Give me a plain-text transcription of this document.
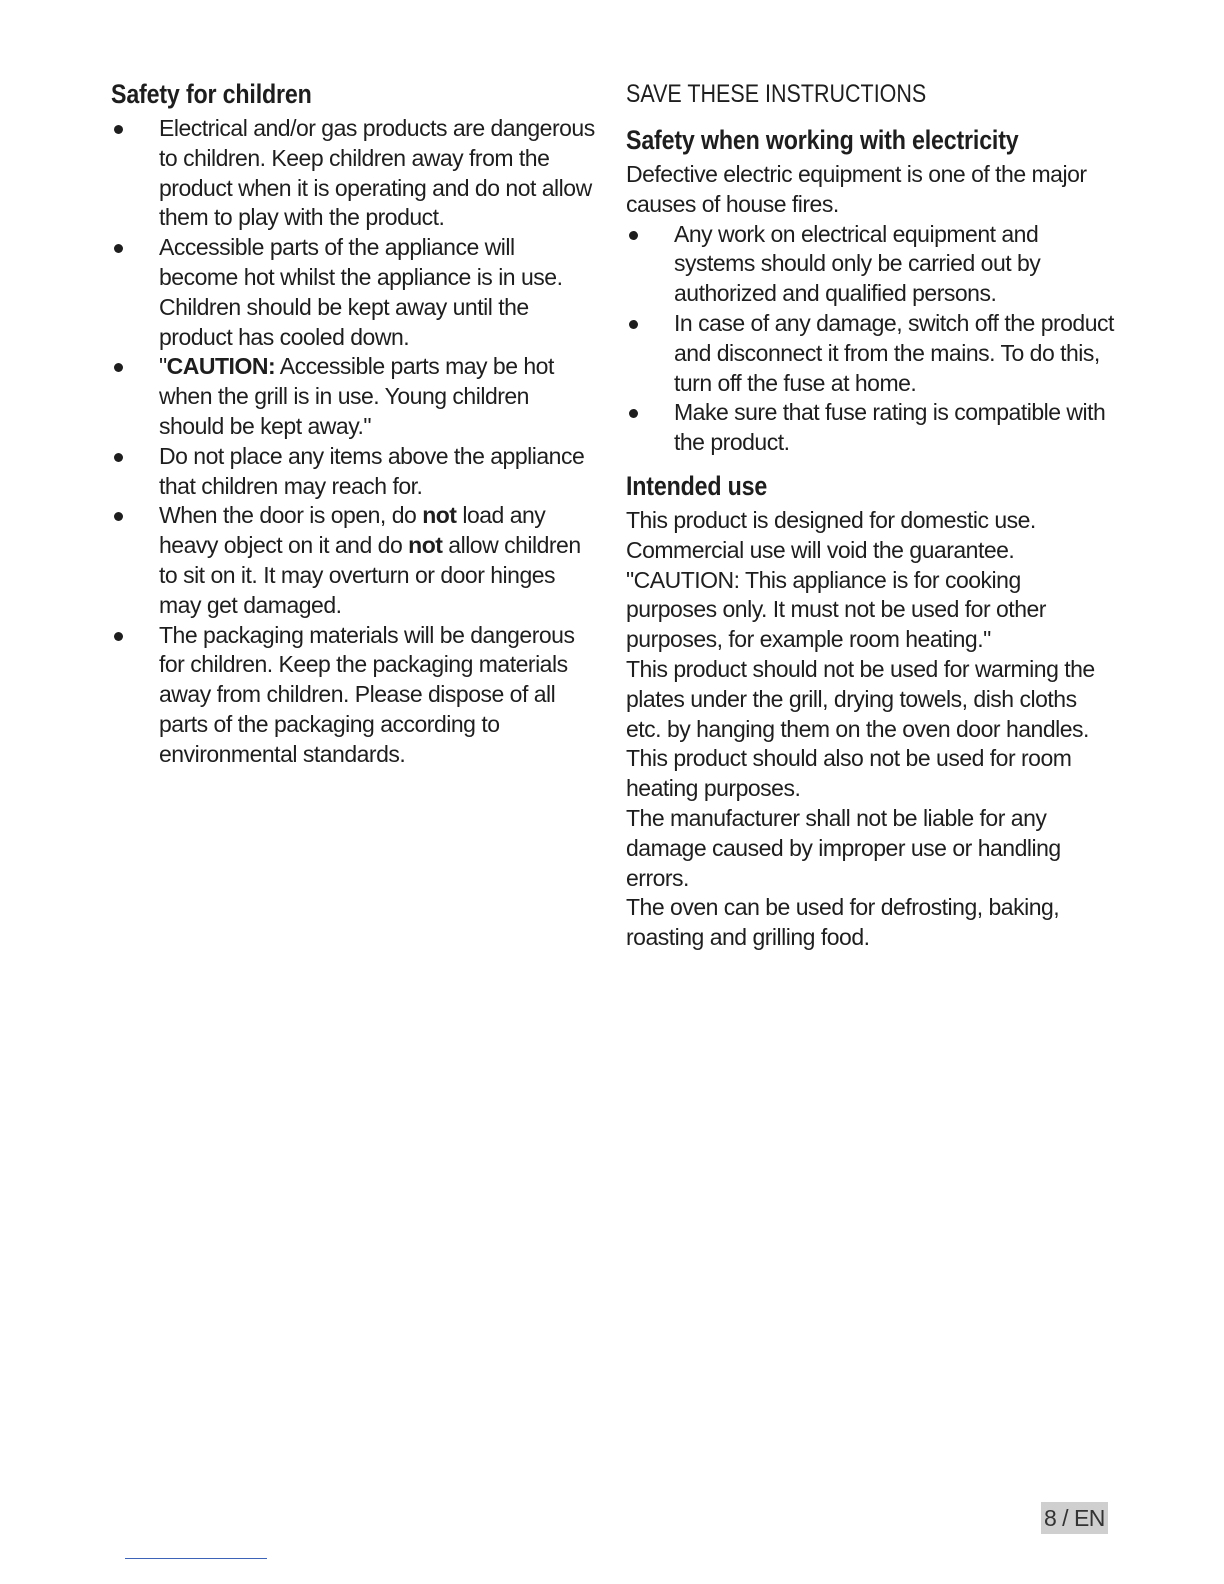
Safety for children
Electrical and/or gas products are dangerous to children. Keep children away from the product when it is operating and do not allow them to play with the product.
Accessible parts of the appliance will become hot whilst the appliance is in use. Children should be kept away until the product has cooled down.
"CAUTION: Accessible parts may be hot when the grill is in use. Young children should be kept away."
Do not place any items above the appliance that children may reach for.
When the door is open, do not load any heavy object on it and do not allow children to sit on it. It may overturn or door hinges may get damaged.
The packaging materials will be dangerous for children. Keep the packaging materials away from children. Please dispose of all parts of the packaging according to environmental standards.
SAVE THESE INSTRUCTIONS
Safety when working with electricity

Defective electric equipment is one of the major causes of house fires.

Any work on electrical equipment and systems should only be carried out by authorized and qualified persons.
In case of any damage, switch off the product and disconnect it from the mains. To do this, turn off the fuse at home.
Make sure that fuse rating is compatible with the product.
Intended use

This product is designed for domestic use. Commercial use will void the guarantee.

"CAUTION: This appliance is for cooking purposes only. It must not be used for other purposes, for example room heating."

This product should not be used for warming the plates under the grill, drying towels, dish cloths etc. by hanging them on the oven door handles. This product should also not be used for room heating purposes.

The manufacturer shall not be liable for any damage caused by improper use or handling errors.

The oven can be used for defrosting, baking, roasting and grilling food.

8 / EN
